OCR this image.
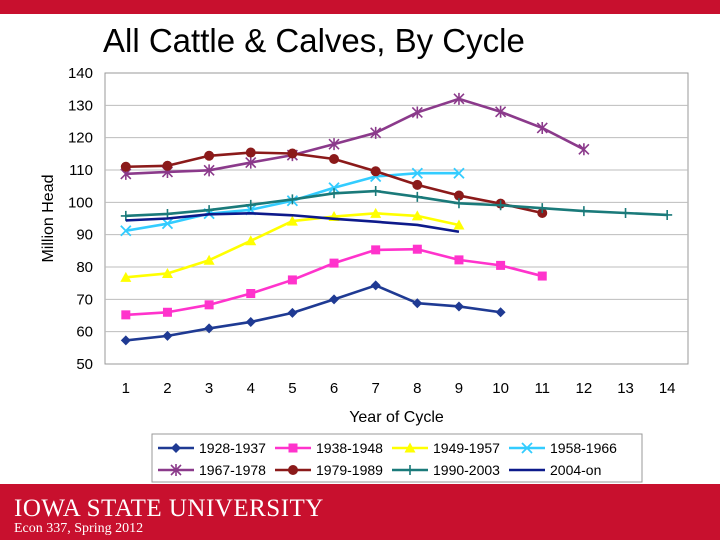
All Cattle & Calves, By Cycle
50
60
70
80
90
100
110
120
130
140
1 2 3 4 5 6 7 8 9 10 11 12 13 14
Year of Cycle
Million Head
1928-1937	1938-1948	1949-1957	1958-1966
1967-1978	1979-1989	1990-2003	2004-on
IOWA STATE UNIVERSITY
Econ 337, Spring 2012
